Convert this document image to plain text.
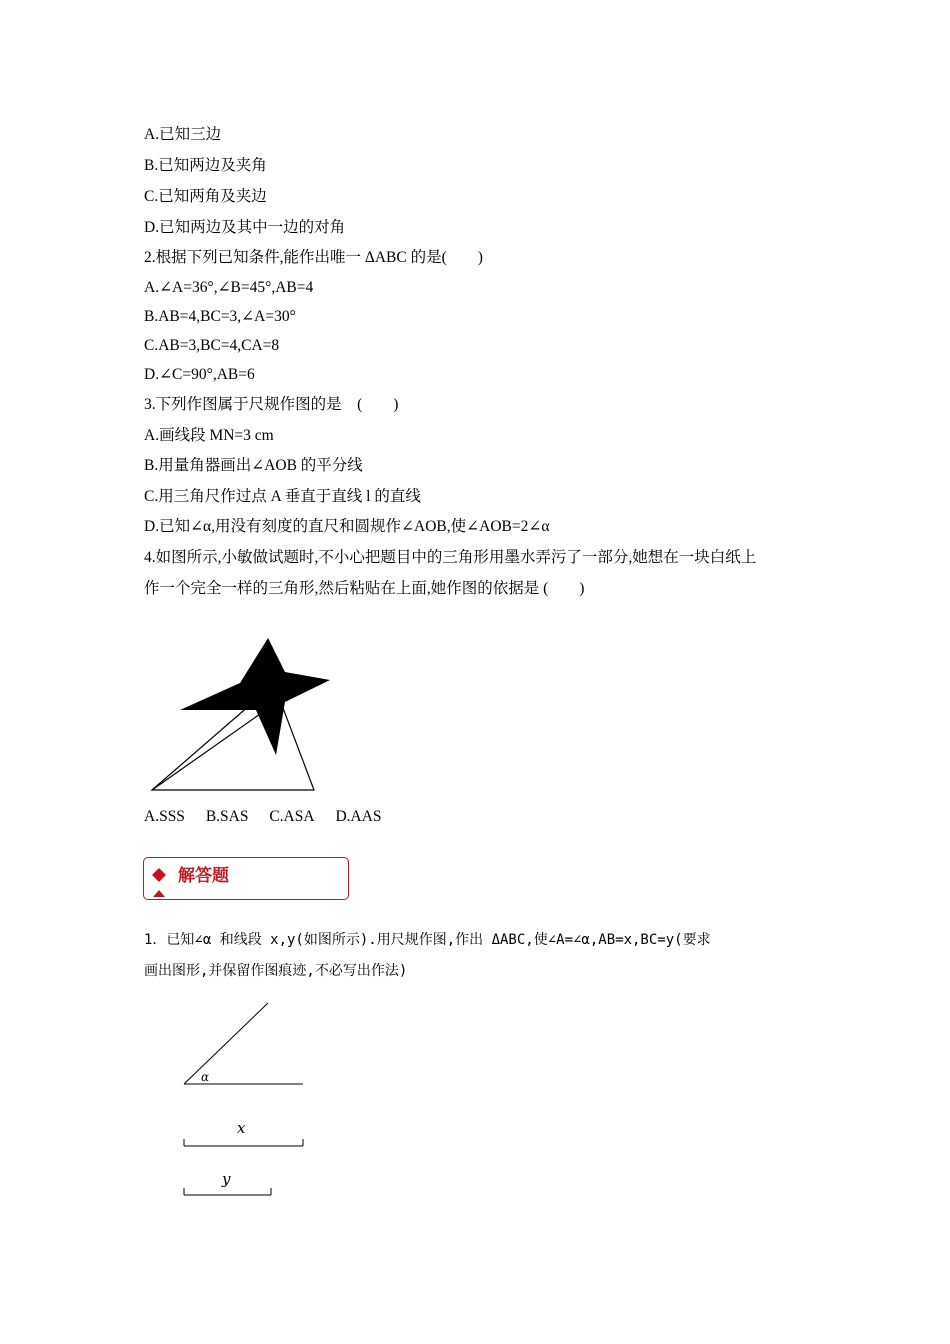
A.已知三边
B.已知两边及夹角
C.已知两角及夹边
D.已知两边及其中一边的对角
2.根据下列已知条件,能作出唯一 ΔABC 的是(　　)
A.∠A=36°,∠B=45°,AB=4
B.AB=4,BC=3,∠A=30°
C.AB=3,BC=4,CA=8
D.∠C=90°,AB=6
3.下列作图属于尺规作图的是　(　　)
A.画线段 MN=3 cm
B.用量角器画出∠AOB 的平分线
C.用三角尺作过点 A 垂直于直线 l 的直线
D.已知∠α,用没有刻度的直尺和圆规作∠AOB,使∠AOB=2∠α
4.如图所示,小敏做试题时,不小心把题目中的三角形用墨水弄污了一部分,她想在一块白纸上
作一个完全一样的三角形,然后粘贴在上面,她作图的依据是 (　　)
A.SSS B.SAS C.ASA D.AAS
解答题
1．已知∠α 和线段 x,y(如图所示).用尺规作图,作出 ΔABC,使∠A=∠α,AB=x,BC=y(要求
画出图形,并保留作图痕迹,不必写出作法)
α
x
y
